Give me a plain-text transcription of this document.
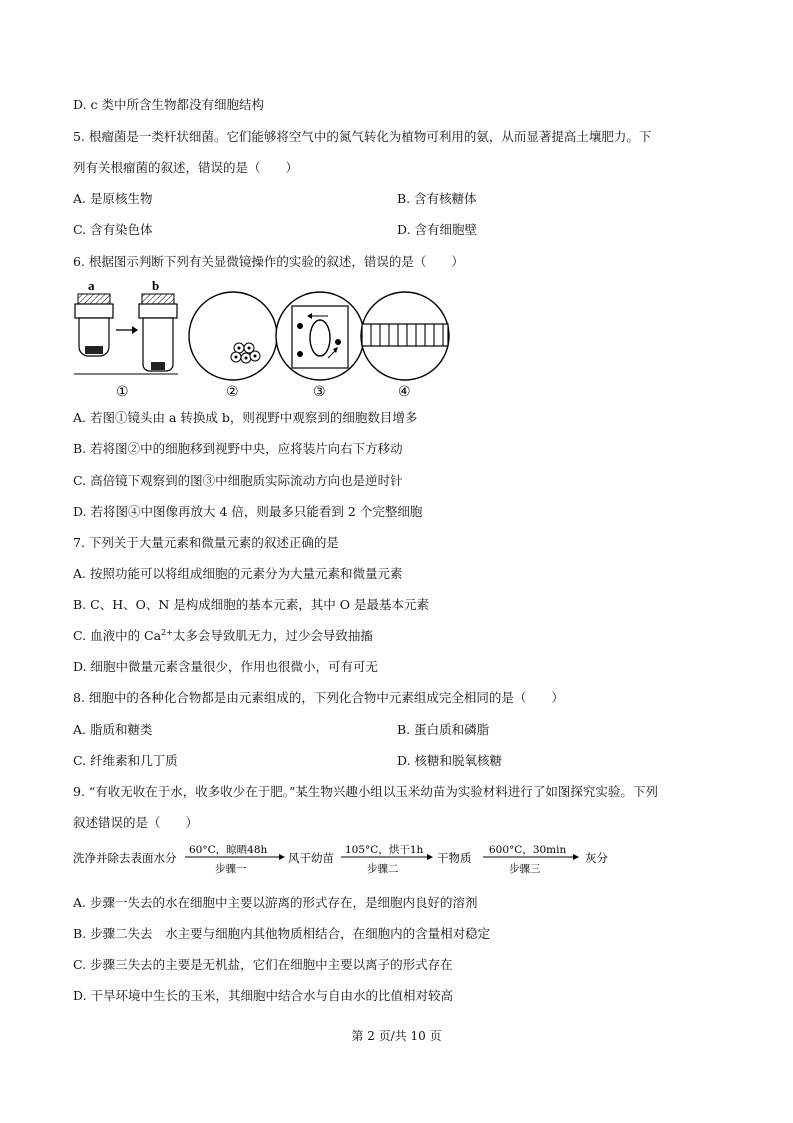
D. c 类中所含生物都没有细胞结构
5. 根瘤菌是一类杆状细菌。它们能够将空气中的氮气转化为植物可利用的氨，从而显著提高土壤肥力。下
列有关根瘤菌的叙述，错误的是（　　）
A. 是原核生物	B. 含有核糖体
C. 含有染色体	D. 含有细胞壁
6. 根据图示判断下列有关显微镜操作的实验的叙述，错误的是（　　）
a	b
①	②	③	④
A. 若图①镜头由 a 转换成 b，则视野中观察到的细胞数目增多
B. 若将图②中的细胞移到视野中央，应将装片向右下方移动
C. 高倍镜下观察到的图③中细胞质实际流动方向也是逆时针
D. 若将图④中图像再放大 4 倍，则最多只能看到 2 个完整细胞
7. 下列关于大量元素和微量元素的叙述正确的是
A. 按照功能可以将组成细胞的元素分为大量元素和微量元素
B. C、H、O、N 是构成细胞的基本元素，其中 O 是最基本元素
C. 血液中的 $Ca^{2+}$太多会导致肌无力，过少会导致抽搐
D. 细胞中微量元素含量很少，作用也很微小，可有可无
8. 细胞中的各种化合物都是由元素组成的，下列化合物中元素组成完全相同的是（　　）
A. 脂质和糖类	B. 蛋白质和磷脂
C. 纤维素和几丁质	D. 核糖和脱氧核糖
9. “有收无收在于水，收多收少在于肥。”某生物兴趣小组以玉米幼苗为实验材料进行了如图探究实验。下列
叙述错误的是（　　）
洗净并除去表面水分
60°C，晾晒48h
步骤一
风干幼苗
105°C，烘干1h
步骤二
干物质
600°C，30min
步骤三
灰分
A. 步骤一失去的水在细胞中主要以游离的形式存在，是细胞内良好的溶剂
B. 步骤二失去　水主要与细胞内其他物质相结合，在细胞内的含量相对稳定
C. 步骤三失去的主要是无机盐，它们在细胞中主要以离子的形式存在
D. 干旱环境中生长的玉米，其细胞中结合水与自由水的比值相对较高
第 2 页/共 10 页
